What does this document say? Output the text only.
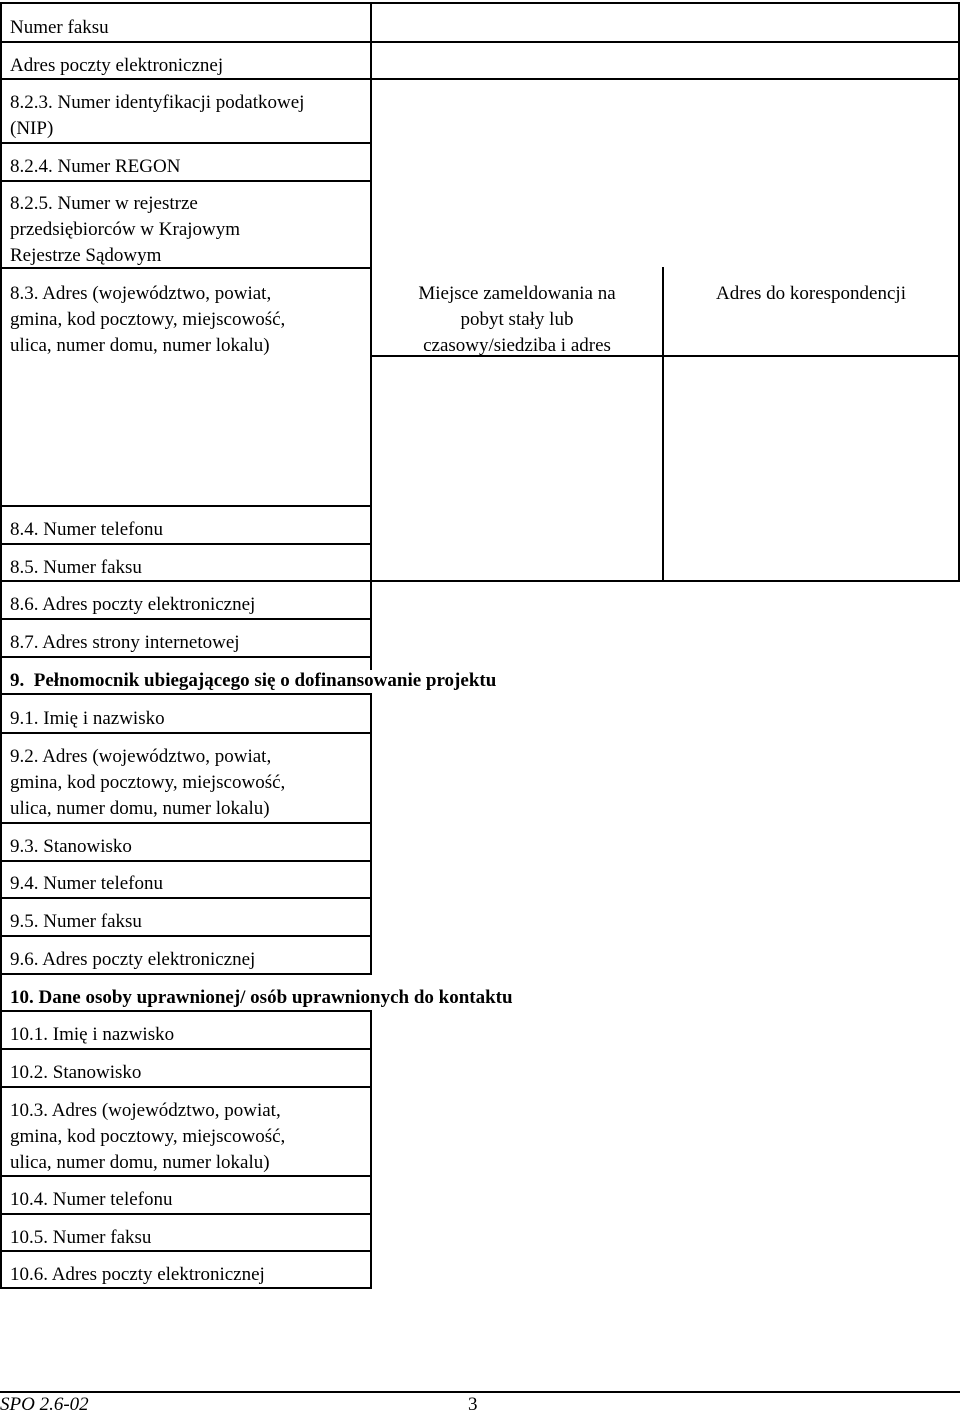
Numer faksu
Adres poczty elektronicznej
8.2.3. Numer identyfikacji podatkowej
(NIP)
8.2.4. Numer REGON
8.2.5. Numer w rejestrze
przedsiębiorców w Krajowym
Rejestrze Sądowym
8.3. Adres (województwo, powiat,
gmina, kod pocztowy, miejscowość,
ulica, numer domu, numer lokalu)
Miejsce zameldowania na
pobyt stały lub
czasowy/siedziba i adres
Adres do korespondencji
8.4. Numer telefonu
8.5. Numer faksu
8.6. Adres poczty elektronicznej
8.7. Adres strony internetowej
9.  Pełnomocnik ubiegającego się o dofinansowanie projektu
9.1. Imię i nazwisko
9.2. Adres (województwo, powiat,
gmina, kod pocztowy, miejscowość,
ulica, numer domu, numer lokalu)
9.3. Stanowisko
9.4. Numer telefonu
9.5. Numer faksu
9.6. Adres poczty elektronicznej
10. Dane osoby uprawnionej/ osób uprawnionych do kontaktu
10.1. Imię i nazwisko
10.2. Stanowisko
10.3. Adres (województwo, powiat,
gmina, kod pocztowy, miejscowość,
ulica, numer domu, numer lokalu)
10.4. Numer telefonu
10.5. Numer faksu
10.6. Adres poczty elektronicznej
SPO 2.6-02	3
